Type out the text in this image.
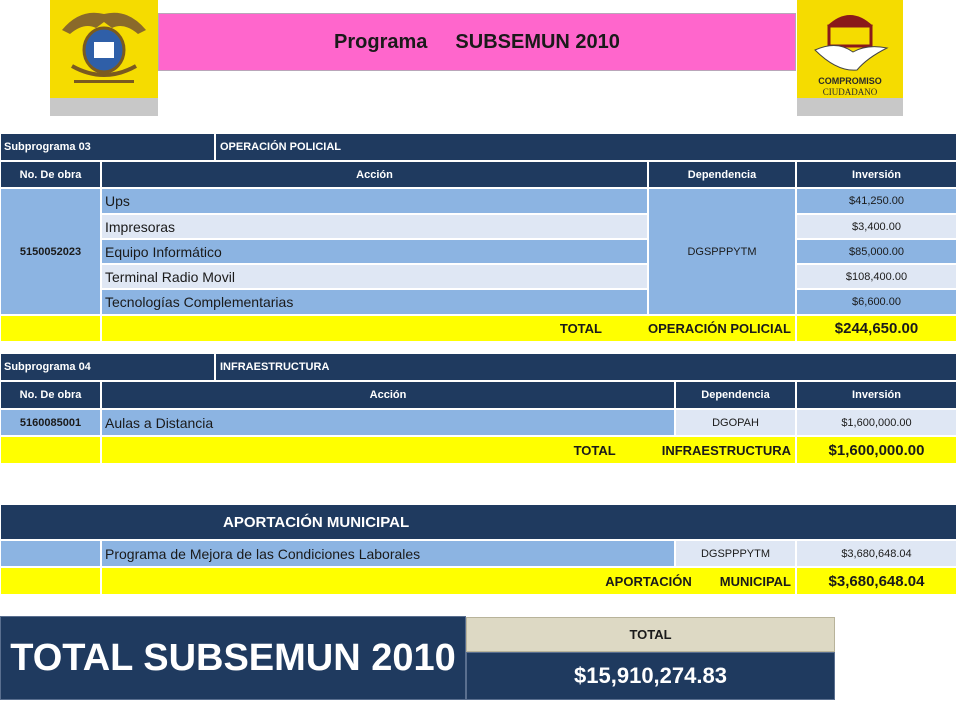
Programa SUBSEMUN 2010
COMPROMISO
CIUDADANO
Subprograma 03	OPERACIÓN POLICIAL
No. De obra	Acción	Dependencia	Inversión
5150052023	DGSPPPYTM
Ups	$41,250.00
Impresoras	$3,400.00
Equipo Informático	$85,000.00
Terminal Radio Movil	$108,400.00
Tecnologías Complementarias	$6,600.00
TOTAL	OPERACIÓN POLICIAL	$244,650.00
Subprograma 04	INFRAESTRUCTURA
No. De obra	Acción	Dependencia	Inversión
5160085001	Aulas a Distancia	DGOPAH	$1,600,000.00
TOTAL	INFRAESTRUCTURA	$1,600,000.00
APORTACIÓN MUNICIPAL
Programa de Mejora de las Condiciones Laborales	DGSPPPYTM	$3,680,648.04
APORTACIÓN MUNICIPAL	$3,680,648.04
TOTAL SUBSEMUN 2010
TOTAL
$15,910,274.83
